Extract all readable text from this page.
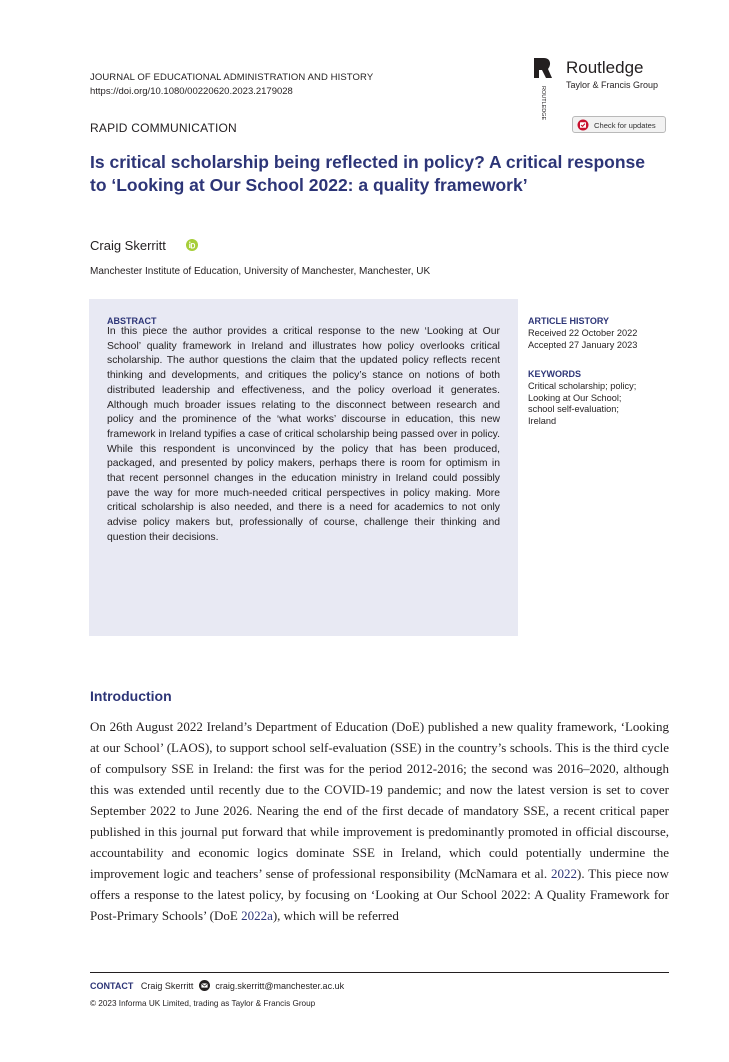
JOURNAL OF EDUCATIONAL ADMINISTRATION AND HISTORY
https://doi.org/10.1080/00220620.2023.2179028	ROUTLEDGE
Routledge
Taylor & Francis Group
RAPID COMMUNICATION	Check for updates
Is critical scholarship being reflected in policy? A critical response to ‘Looking at Our School 2022: a quality framework’
Craig Skerritt
Manchester Institute of Education, University of Manchester, Manchester, UK
ABSTRACT
In this piece the author provides a critical response to the new ‘Looking at Our School’ quality framework in Ireland and illustrates how policy overlooks critical scholarship. The author questions the claim that the updated policy reflects recent thinking and developments, and critiques the policy’s stance on notions of both distributed leadership and effectiveness, and the policy overload it generates. Although much broader issues relating to the disconnect between research and policy and the prominence of the ‘what works’ discourse in education, this new framework in Ireland typifies a case of critical scholarship being passed over in policy. While this respondent is unconvinced by the policy that has been produced, packaged, and presented by policy makers, perhaps there is room for optimism in that recent personnel changes in the education ministry in Ireland could possibly pave the way for more much-needed critical perspectives in policy making. More critical scholarship is also needed, and there is a need for academics to not only advise policy makers but, professionally of course, challenge their thinking and question their decisions.
ARTICLE HISTORY
Received 22 October 2022
Accepted 27 January 2023
KEYWORDS
Critical scholarship; policy;
Looking at Our School;
school self-evaluation;
Ireland
Introduction
On 26th August 2022 Ireland’s Department of Education (DoE) published a new quality framework, ‘Looking at our School’ (LAOS), to support school self-evaluation (SSE) in the country’s schools. This is the third cycle of compulsory SSE in Ireland: the first was for the period 2012-2016; the second was 2016–2020, although this was extended until recently due to the COVID-19 pandemic; and now the latest version is set to cover September 2022 to June 2026. Nearing the end of the first decade of mandatory SSE, a recent critical paper published in this journal put forward that while improvement is predominantly promoted in official discourse, accountability and economic logics dominate SSE in Ireland, which could potentially undermine the improvement logic and teachers’ sense of professional responsibility (McNamara et al. 2022). This piece now offers a response to the latest policy, by focusing on ‘Looking at Our School 2022: A Quality Framework for Post-Primary Schools’ (DoE 2022a), which will be referred
CONTACT Craig Skerritt craig.skerritt@manchester.ac.uk
© 2023 Informa UK Limited, trading as Taylor & Francis Group
